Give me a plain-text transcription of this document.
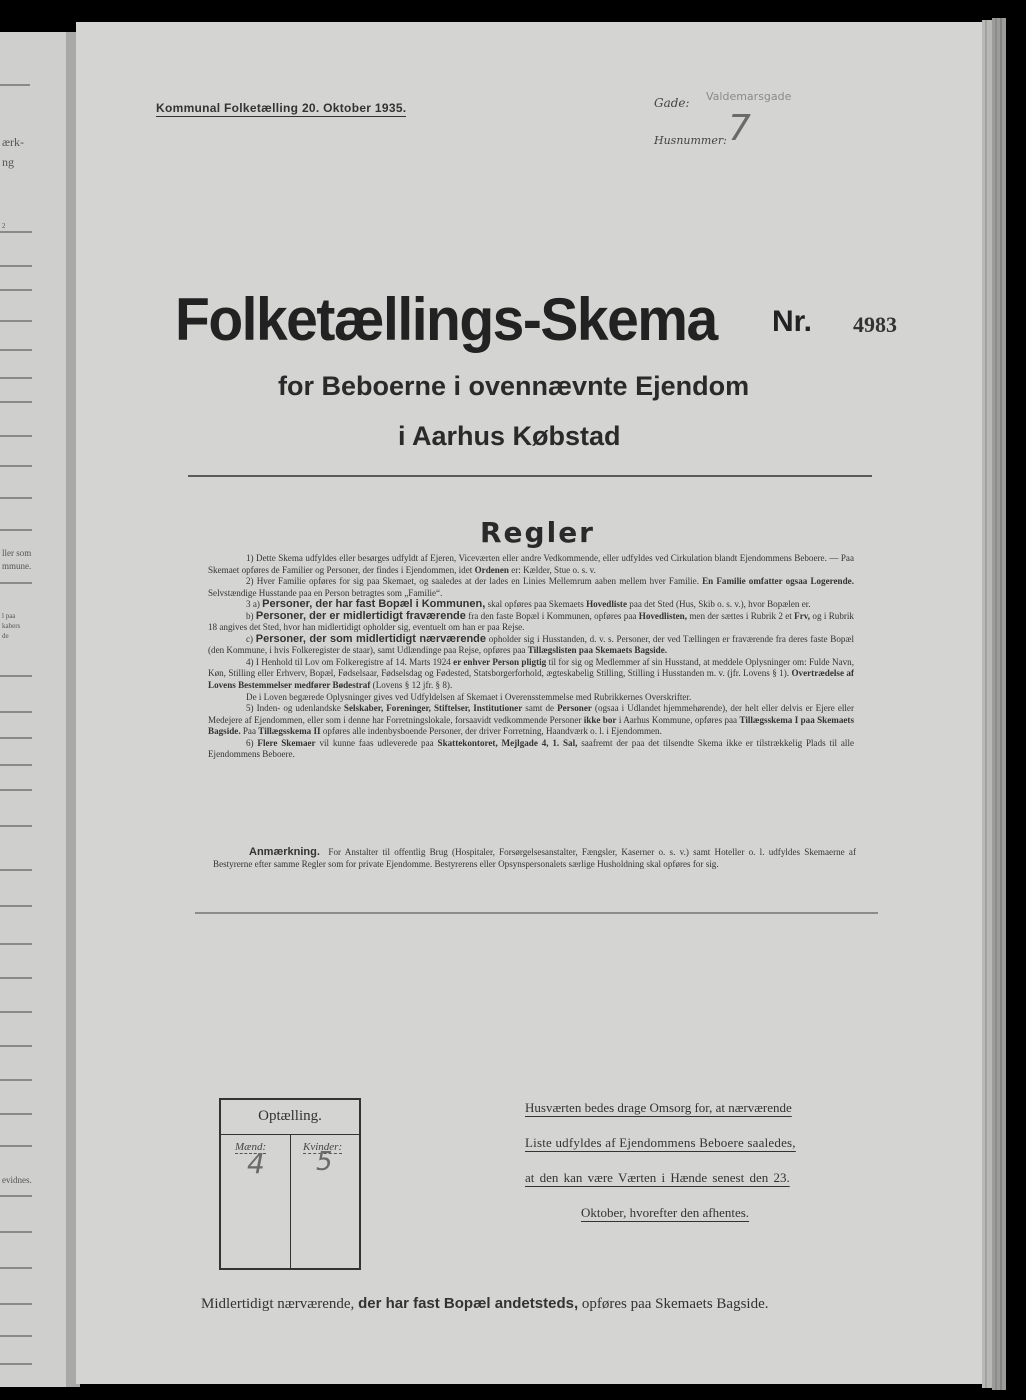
ærk-
ng
2
ller som
mmune.
l paa
kabers
de
evidnes.
Kommunal Folketælling 20. Oktober 1935.	Gade: Valdemarsgade
Husnummer: 7
Folketællings-Skema Nr. 4983
for Beboerne i ovennævnte Ejendom
i Aarhus Købstad
Regler

1) Dette Skema udfyldes eller besørges udfyldt af Ejeren, Viceværten eller andre Vedkommende, eller udfyldes ved Cirkulation blandt Ejendommens Beboere. — Paa Skemaet opføres de Familier og Personer, der findes i Ejendommen, idet Ordenen er: Kælder, Stue o. s. v.

2) Hver Familie opføres for sig paa Skemaet, og saaledes at der lades en Linies Mellemrum aaben mellem hver Familie. En Familie omfatter ogsaa Logerende. Selvstændige Husstande paa en Person betragtes som „Familie“.

3 a) Personer, der har fast Bopæl i Kommunen, skal opføres paa Skemaets Hovedliste paa det Sted (Hus, Skib o. s. v.), hvor Bopælen er.

b) Personer, der er midlertidigt fraværende fra den faste Bopæl i Kommunen, opføres paa Hovedlisten, men der sættes i Rubrik 2 et Frv, og i Rubrik 18 angives det Sted, hvor han midlertidigt opholder sig, eventuelt om han er paa Rejse.

c) Personer, der som midlertidigt nærværende opholder sig i Husstanden, d. v. s. Personer, der ved Tællingen er fraværende fra deres faste Bopæl (den Kommune, i hvis Folkeregister de staar), samt Udlændinge paa Rejse, opføres paa Tillægslisten paa Skemaets Bagside.

4) I Henhold til Lov om Folkeregistre af 14. Marts 1924 er enhver Person pligtig til for sig og Medlemmer af sin Husstand, at meddele Oplysninger om: Fulde Navn, Køn, Stilling eller Erhverv, Bopæl, Fødselsaar, Fødselsdag og Fødested, Statsborgerforhold, ægteskabelig Stilling, Stilling i Husstanden m. v. (jfr. Lovens § 1). Overtrædelse af Lovens Bestemmelser medfører Bødestraf (Lovens § 12 jfr. § 8).

De i Loven begærede Oplysninger gives ved Udfyldelsen af Skemaet i Overensstemmelse med Rubrikkernes Overskrifter.

5) Inden- og udenlandske Selskaber, Foreninger, Stiftelser, Institutioner samt de Personer (ogsaa i Udlandet hjemmehørende), der helt eller delvis er Ejere eller Medejere af Ejendommen, eller som i denne har Forretningslokale, forsaavidt vedkommende Personer ikke bor i Aarhus Kommune, opføres paa Tillægsskema I paa Skemaets Bagside. Paa Tillægsskema II opføres alle indenbysboende Personer, der driver Forretning, Haandværk o. l. i Ejendommen.

6) Flere Skemaer vil kunne faas udleverede paa Skattekontoret, Mejlgade 4, 1. Sal, saafremt der paa det tilsendte Skema ikke er tilstrækkelig Plads til alle Ejendommens Beboere.

Anmærkning. For Anstalter til offentlig Brug (Hospitaler, Forsørgelsesanstalter, Fængsler, Kaserner o. s. v.) samt Hoteller o. l. udfyldes Skemaerne af Bestyrerne efter samme Regler som for private Ejendomme. Bestyrerens eller Opsynspersonalets særlige Husholdning skal opføres for sig.
Optælling.
Mænd:	Kvinder:
4 5
Husværten bedes drage Omsorg for, at nærværende
Liste udfyldes af Ejendommens Beboere saaledes,
at den kan være Værten i Hænde senest den 23.
Oktober, hvorefter den afhentes.
Midlertidigt nærværende, der har fast Bopæl andetsteds, opføres paa Skemaets Bagside.
